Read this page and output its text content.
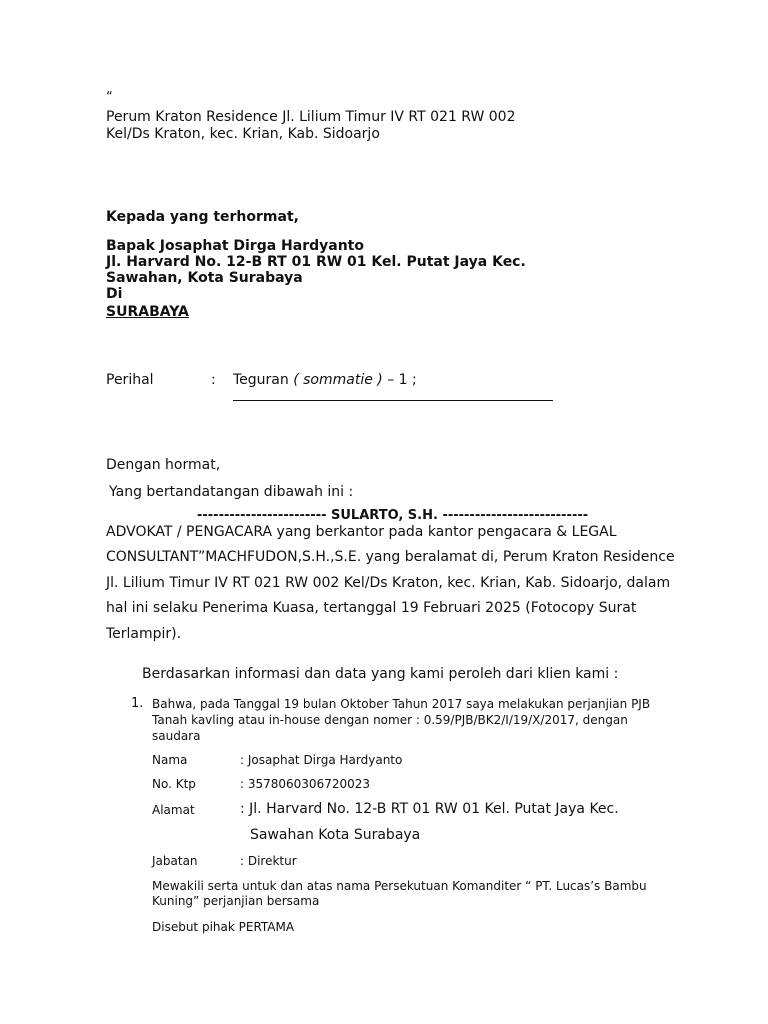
“
Perum Kraton Residence Jl. Lilium Timur IV RT 021 RW 002
Kel/Ds Kraton, kec. Krian, Kab. Sidoarjo
Kepada yang terhormat,
Bapak Josaphat Dirga Hardyanto
Jl. Harvard No. 12-B RT 01 RW 01 Kel. Putat Jaya Kec.
Sawahan, Kota Surabaya
Di
SURABAYA
Perihal	: Teguran ( sommatie ) – 1 ;
Dengan hormat,
Yang bertandatangan dibawah ini :
------------------------ SULARTO, S.H. ---------------------------
ADVOKAT / PENGACARA yang berkantor pada kantor pengacara & LEGAL
CONSULTANT”MACHFUDON,S.H.,S.E. yang beralamat di, Perum Kraton Residence
Jl. Lilium Timur IV RT 021 RW 002 Kel/Ds Kraton, kec. Krian, Kab. Sidoarjo, dalam
hal ini selaku Penerima Kuasa, tertanggal 19 Februari 2025 (Fotocopy Surat
Terlampir).
Berdasarkan informasi dan data yang kami peroleh dari klien kami :
1. Bahwa, pada Tanggal 19 bulan Oktober Tahun 2017 saya melakukan perjanjian PJB
Tanah kavling atau in-house dengan nomer : 0.59/PJB/BK2/I/19/X/2017, dengan
saudara
Nama	: Josaphat Dirga Hardyanto
No. Ktp	: 3578060306720023
Alamat	: Jl. Harvard No. 12-B RT 01 RW 01 Kel. Putat Jaya Kec.
Sawahan Kota Surabaya
Jabatan	: Direktur
Mewakili serta untuk dan atas nama Persekutuan Komanditer “ PT. Lucas’s Bambu
Kuning” perjanjian bersama
Disebut pihak PERTAMA
